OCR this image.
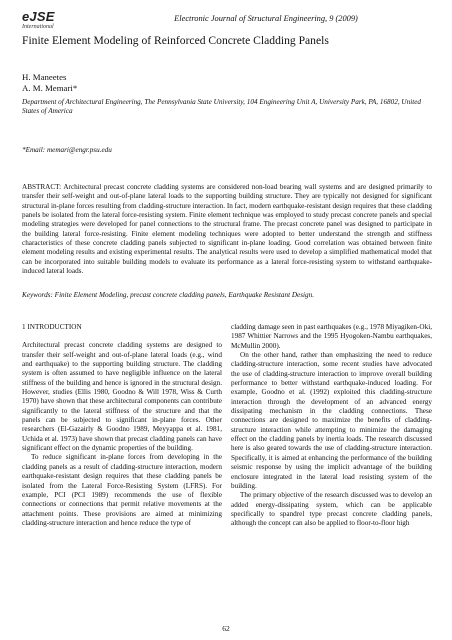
eJSE
International
Electronic Journal of Structural Engineering, 9 (2009)
Finite Element Modeling of Reinforced Concrete Cladding Panels
H. Maneetes
A. M. Memari*
Department of Architectural Engineering, The Pennsylvania State University, 104 Engineering Unit A, University Park, PA, 16802, United States of America
*Email: memari@engr.psu.edu
ABSTRACT: Architectural precast concrete cladding systems are considered non-load bearing wall systems and are designed primarily to transfer their self-weight and out-of-plane lateral loads to the supporting building structure. They are typically not designed for significant structural in-plane forces resulting from cladding-structure interaction. In fact, modern earthquake-resistant design requires that these cladding panels be isolated from the lateral force-resisting system. Finite element technique was employed to study precast concrete panels and special modeling strategies were developed for panel connections to the structural frame. The precast concrete panel was designed to participate in the building lateral force-resisting. Finite element modeling techniques were adopted to better understand the strength and stiffness characteristics of these concrete cladding panels subjected to significant in-plane loading. Good correlation was obtained between finite element modeling results and existing experimental results. The analytical results were used to develop a simplified mathematical model that can be incorporated into suitable building models to evaluate its performance as a lateral force-resisting system to withstand earthquake-induced lateral loads.
Keywords: Finite Element Modeling, precast concrete cladding panels, Earthquake Resistant Design.
1 INTRODUCTION

Architectural precast concrete cladding systems are designed to transfer their self-weight and out-of-plane lateral loads (e.g., wind and earthquake) to the supporting building structure. The cladding system is often assumed to have negligible influence on the lateral stiffness of the building and hence is ignored in the structural design. However, studies (Ellis 1980, Goodno & Will 1978, Wiss & Curth 1970) have shown that these architectural components can contribute significantly to the lateral stiffness of the structure and that the panels can be subjected to significant in-plane forces. Other researchers (El-Gazairly & Goodno 1989, Meyyappa et al. 1981, Uchida et al. 1973) have shown that precast cladding panels can have significant effect on the dynamic properties of the building.

To reduce significant in-plane forces from developing in the cladding panels as a result of cladding-structure interaction, modern earthquake-resistant design requires that these cladding panels be isolated from the Lateral Force-Resisting System (LFRS). For example, PCI (PCI 1989) recommends the use of flexible connections or connections that permit relative movements at the attachment points. These provisions are aimed at minimizing cladding-structure interaction and hence reduce the type of

cladding damage seen in past earthquakes (e.g., 1978 Miyagiken-Oki, 1987 Whittier Narrows and the 1995 Hyogoken-Nambu earthquakes, McMullin 2000).

On the other hand, rather than emphasizing the need to reduce cladding-structure interaction, some recent studies have advocated the use of cladding-structure interaction to improve overall building performance to better withstand earthquake-induced loading. For example, Goodno et al. (1992) exploited this cladding-structure interaction through the development of an advanced energy dissipating mechanism in the cladding connections. These connections are designed to maximize the benefits of cladding-structure interaction while attempting to minimize the damaging effect on the cladding panels by inertia loads. The research discussed here is also geared towards the use of cladding-structure interaction. Specifically, it is aimed at enhancing the performance of the building seismic response by using the implicit advantage of the building enclosure integrated in the lateral load resisting system of the building.

The primary objective of the research discussed was to develop an added energy-dissipating system, which can be applicable specifically to spandrel type precast concrete cladding panels, although the concept can also be applied to floor-to-floor high

62
